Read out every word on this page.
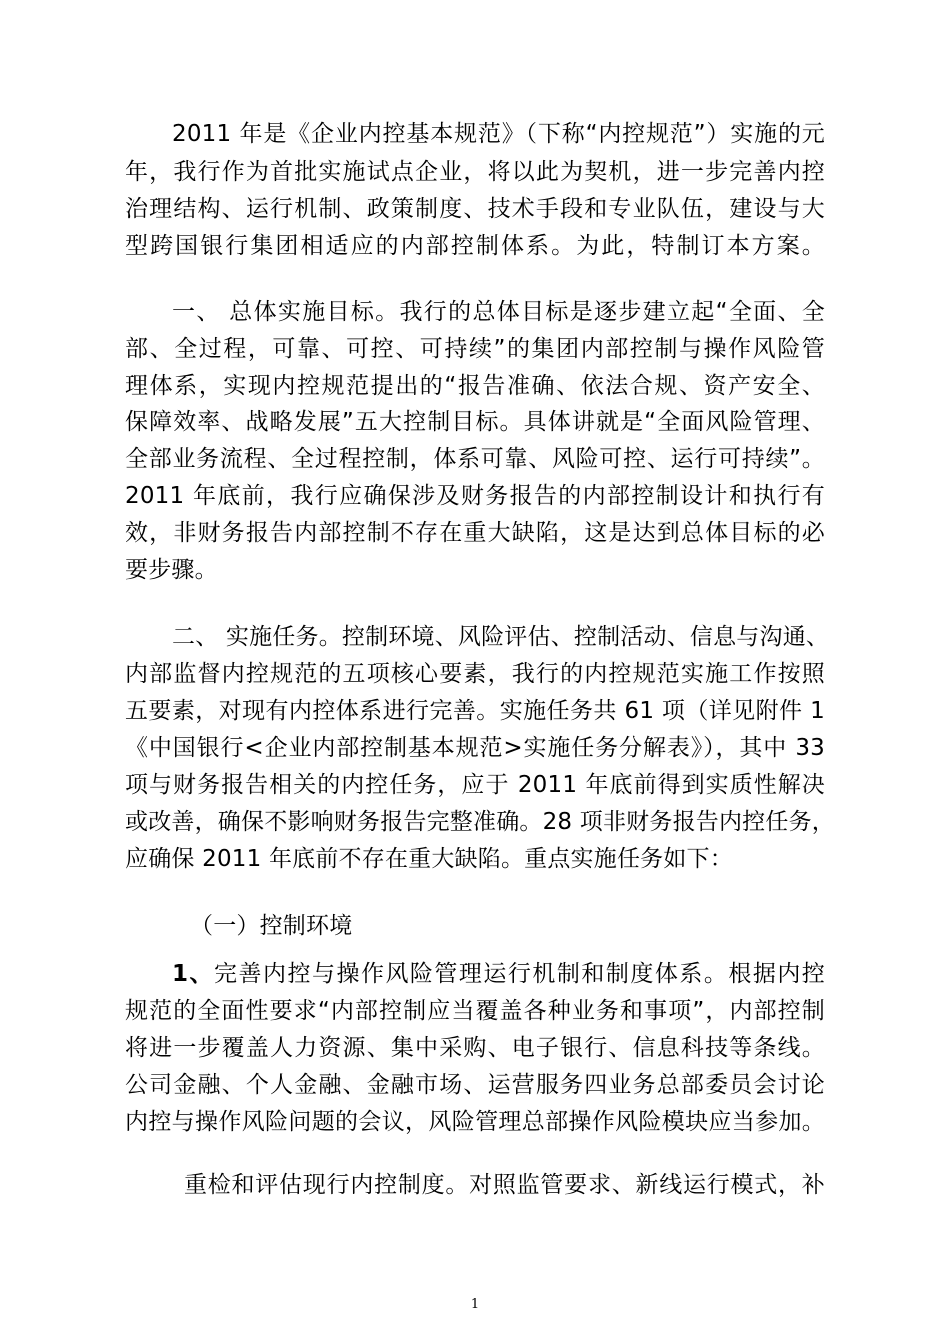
2011 年是《企业内控基本规范》（下称“内控规范”）实施的元
年，我行作为首批实施试点企业，将以此为契机，进一步完善内控
治理结构、运行机制、政策制度、技术手段和专业队伍，建设与大
型跨国银行集团相适应的内部控制体系。为此，特制订本方案。
一、 总体实施目标。我行的总体目标是逐步建立起“全面、全
部、全过程，可靠、可控、可持续”的集团内部控制与操作风险管
理体系，实现内控规范提出的“报告准确、依法合规、资产安全、
保障效率、战略发展”五大控制目标。具体讲就是“全面风险管理、
全部业务流程、全过程控制，体系可靠、风险可控、运行可持续”。
2011 年底前，我行应确保涉及财务报告的内部控制设计和执行有
效，非财务报告内部控制不存在重大缺陷，这是达到总体目标的必
要步骤。
二、 实施任务。控制环境、风险评估、控制活动、信息与沟通、
内部监督内控规范的五项核心要素，我行的内控规范实施工作按照
五要素，对现有内控体系进行完善。实施任务共 61 项（详见附件 1
《中国银行<企业内部控制基本规范>实施任务分解表》），其中 33
项与财务报告相关的内控任务，应于 2011 年底前得到实质性解决
或改善，确保不影响财务报告完整准确。28 项非财务报告内控任务，
应确保 2011 年底前不存在重大缺陷。重点实施任务如下：
（一）控制环境
1、完善内控与操作风险管理运行机制和制度体系。根据内控
规范的全面性要求“内部控制应当覆盖各种业务和事项”，内部控制
将进一步覆盖人力资源、集中采购、电子银行、信息科技等条线。
公司金融、个人金融、金融市场、运营服务四业务总部委员会讨论
内控与操作风险问题的会议，风险管理总部操作风险模块应当参加。
重检和评估现行内控制度。对照监管要求、新线运行模式，补
1
